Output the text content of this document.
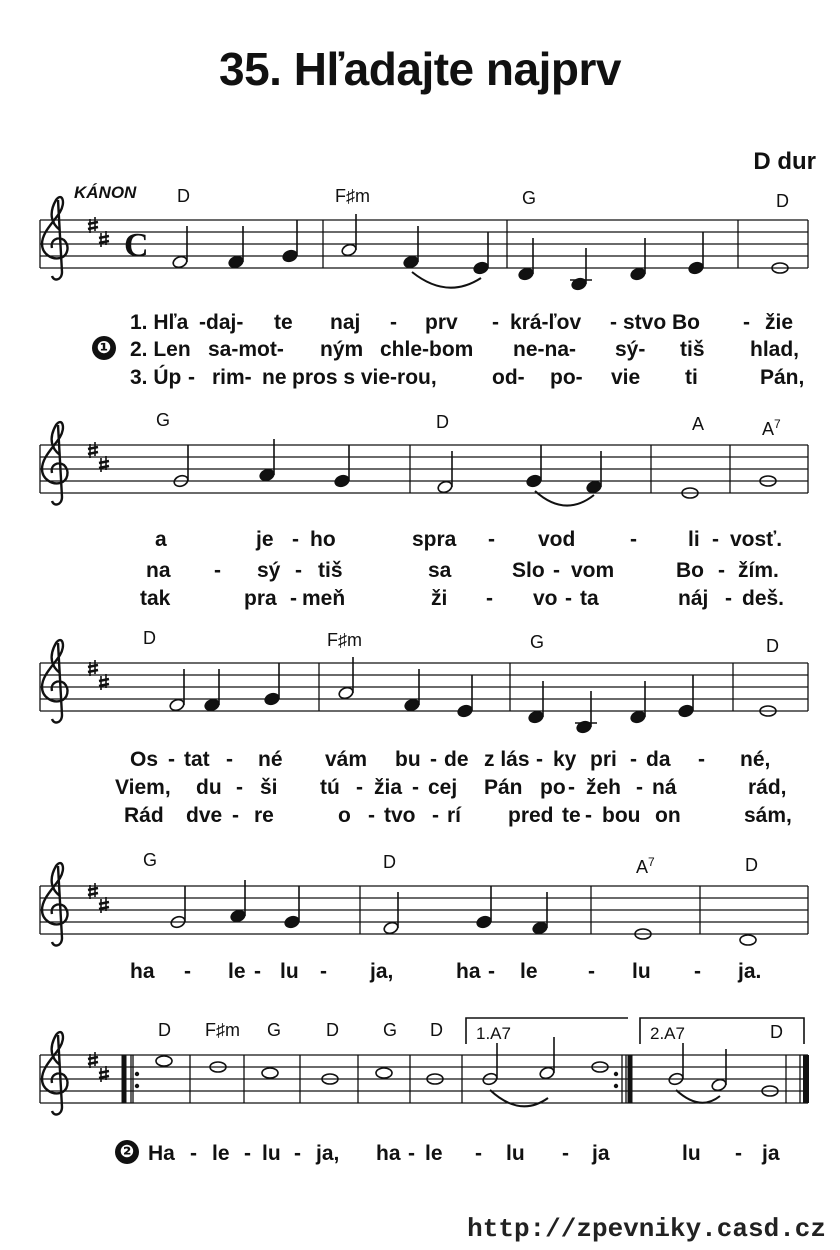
35. Hľadajte najprv
D dur
KÁNON D	F♯m	G	D
G	D	A	$A^7$
D	F♯m	G	D
G	D	$A^7$	D
D F♯m G D G D 1.A7	2.A7	D
C
❶
❷
1. Hľa -daj- te naj - prv - krá-ľov - stvo Bo - žie
2. Len sa-mot- ným chle-bom ne-na- sý- tiš hlad,
3. Úp - rim- ne pros s vie-rou,	od- po- vie ti	Pán,
a	je - ho	spra - vod	- li - vosť.
na - sý - tiš	sa	Slo - vom	Bo - žím.
tak	pra - meň	ži - vo - ta	náj - deš.
Os - tat - né vám bu - de z lás - ky pri - da - né,
Viem, du - ši tú - žia - cej Pán po - žeh - ná	rád,
Rád dve - re	o - tvo - rí pred te - bou on	sám,
ha - le - lu - ja,	ha - le - lu - ja.
Ha - le - lu - ja, ha - le - lu - ja	lu - ja
http://zpevniky.casd.cz
